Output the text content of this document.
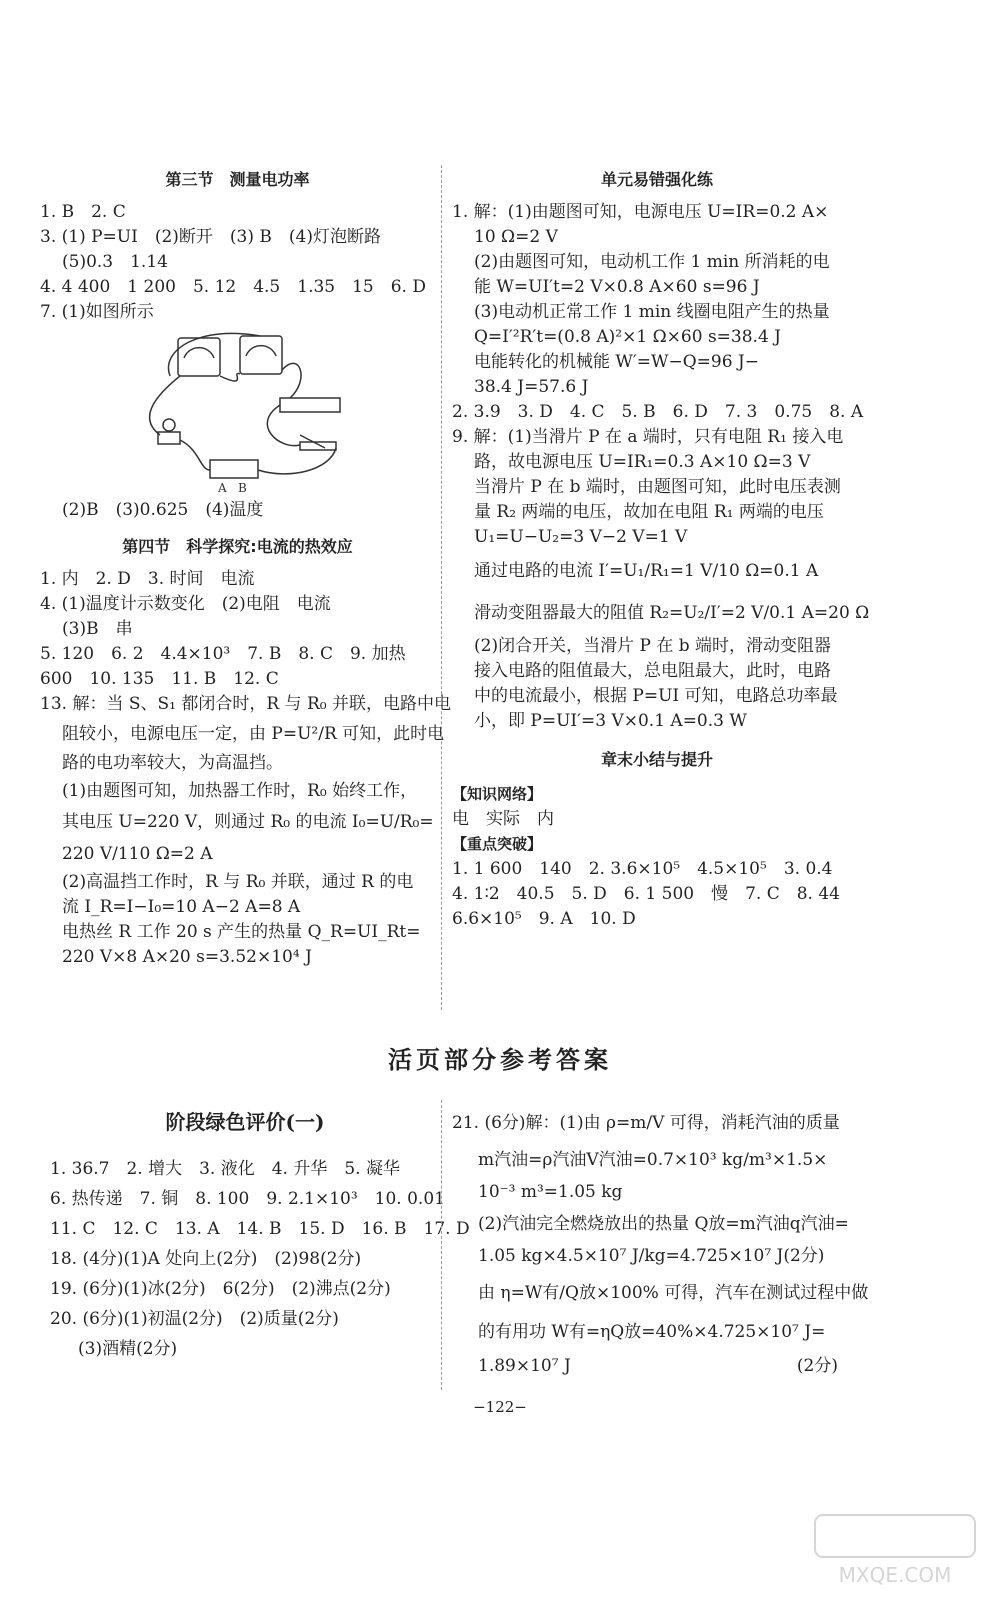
第三节　测量电功率
1. B　2. C
3. (1) P=UI　(2)断开　(3) B　(4)灯泡断路
(5)0.3　1.14
4. 4 400　1 200　5. 12　4.5　1.35　15　6. D
7. (1)如图所示
A B
(2)B　(3)0.625　(4)温度
第四节　科学探究:电流的热效应
1. 内　2. D　3. 时间　电流
4. (1)温度计示数变化　(2)电阻　电流
(3)B　串
5. 120　6. 2　4.4×10³　7. B　8. C　9. 加热
600　10. 135　11. B　12. C
13. 解：当 S、S₁ 都闭合时，R 与 R₀ 并联，电路中电
阻较小，电源电压一定，由 P=U²/R 可知，此时电
路的电功率较大，为高温挡。
(1)由题图可知，加热器工作时，R₀ 始终工作，
其电压 U=220 V，则通过 R₀ 的电流 I₀=U/R₀=
220 V/110 Ω=2 A
(2)高温挡工作时，R 与 R₀ 并联，通过 R 的电
流 I_R=I−I₀=10 A−2 A=8 A
电热丝 R 工作 20 s 产生的热量 Q_R=UI_Rt=
220 V×8 A×20 s=3.52×10⁴ J
单元易错强化练
1. 解：(1)由题图可知，电源电压 U=IR=0.2 A×
10 Ω=2 V
(2)由题图可知，电动机工作 1 min 所消耗的电
能 W=UI′t=2 V×0.8 A×60 s=96 J
(3)电动机正常工作 1 min 线圈电阻产生的热量
Q=I′²R′t=(0.8 A)²×1 Ω×60 s=38.4 J
电能转化的机械能 W′=W−Q=96 J−
38.4 J=57.6 J
2. 3.9　3. D　4. C　5. B　6. D　7. 3　0.75　8. A
9. 解：(1)当滑片 P 在 a 端时，只有电阻 R₁ 接入电
路，故电源电压 U=IR₁=0.3 A×10 Ω=3 V
当滑片 P 在 b 端时，由题图可知，此时电压表测
量 R₂ 两端的电压，故加在电阻 R₁ 两端的电压
U₁=U−U₂=3 V−2 V=1 V
通过电路的电流 I′=U₁/R₁=1 V/10 Ω=0.1 A
滑动变阻器最大的阻值 R₂=U₂/I′=2 V/0.1 A=20 Ω
(2)闭合开关，当滑片 P 在 b 端时，滑动变阻器
接入电路的阻值最大，总电阻最大，此时，电路
中的电流最小，根据 P=UI 可知，电路总功率最
小，即 P=UI′=3 V×0.1 A=0.3 W
章末小结与提升
【知识网络】
电　实际　内
【重点突破】
1. 1 600　140　2. 3.6×10⁵　4.5×10⁵　3. 0.4
4. 1∶2　40.5　5. D　6. 1 500　慢　7. C　8. 44
6.6×10⁵　9. A　10. D
活页部分参考答案
阶段绿色评价(一)
1. 36.7　2. 增大　3. 液化　4. 升华　5. 凝华
6. 热传递　7. 铜　8. 100　9. 2.1×10³　10. 0.01
11. C　12. C　13. A　14. B　15. D　16. B　17. D
18. (4分)(1)A 处向上(2分)　(2)98(2分)
19. (6分)(1)冰(2分)　6(2分)　(2)沸点(2分)
20. (6分)(1)初温(2分)　(2)质量(2分)
(3)酒精(2分)
21. (6分)解：(1)由 ρ=m/V 可得，消耗汽油的质量
m汽油=ρ汽油V汽油=0.7×10³ kg/m³×1.5×
10⁻³ m³=1.05 kg
(2)汽油完全燃烧放出的热量 Q放=m汽油q汽油=
1.05 kg×4.5×10⁷ J/kg=4.725×10⁷ J(2分)
由 η=W有/Q放×100% 可得，汽车在测试过程中做
的有用功 W有=ηQ放=40%×4.725×10⁷ J=
1.89×10⁷ J	(2分)
−122−
MXQE.COM
